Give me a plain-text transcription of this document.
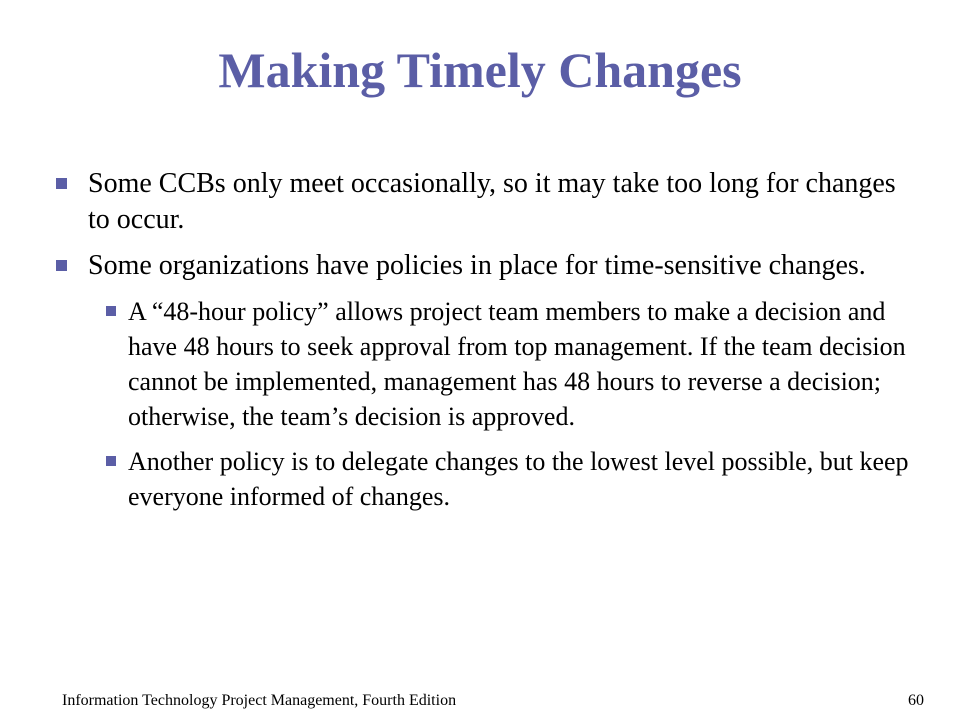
Making Timely Changes

Some CCBs only meet occasionally, so it may take too long for changes to occur.

Some organizations have policies in place for time-sensitive changes.

A “48-hour policy” allows project team members to make a decision and have 48 hours to seek approval from top management. If the team decision cannot be implemented, management has 48 hours to reverse a decision; otherwise, the team’s decision is approved.

Another policy is to delegate changes to the lowest level possible, but keep everyone informed of changes.

Information Technology Project Management, Fourth Edition	60
